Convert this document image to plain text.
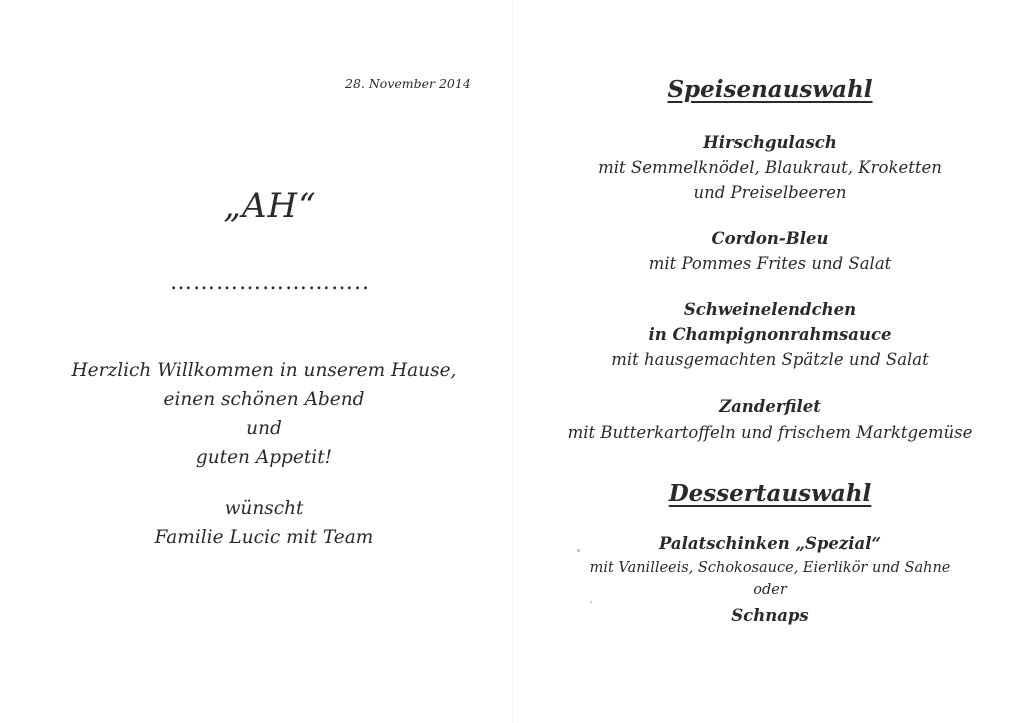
28. November 2014
„AH“
……………………..
Herzlich Willkommen in unserem Hause,
einen schönen Abend
und
guten Appetit!
wünscht
Familie Lucic mit Team
Speisenauswahl
Hirschgulasch
mit Semmelknödel, Blaukraut, Kroketten
und Preiselbeeren
Cordon-Bleu
mit Pommes Frites und Salat
Schweinelendchen
in Champignonrahmsauce
mit hausgemachten Spätzle und Salat
Zanderfilet
mit Butterkartoffeln und frischem Marktgemüse
Dessertauswahl
Palatschinken „Spezial“
mit Vanilleeis, Schokosauce, Eierlikör und Sahne
oder
Schnaps
